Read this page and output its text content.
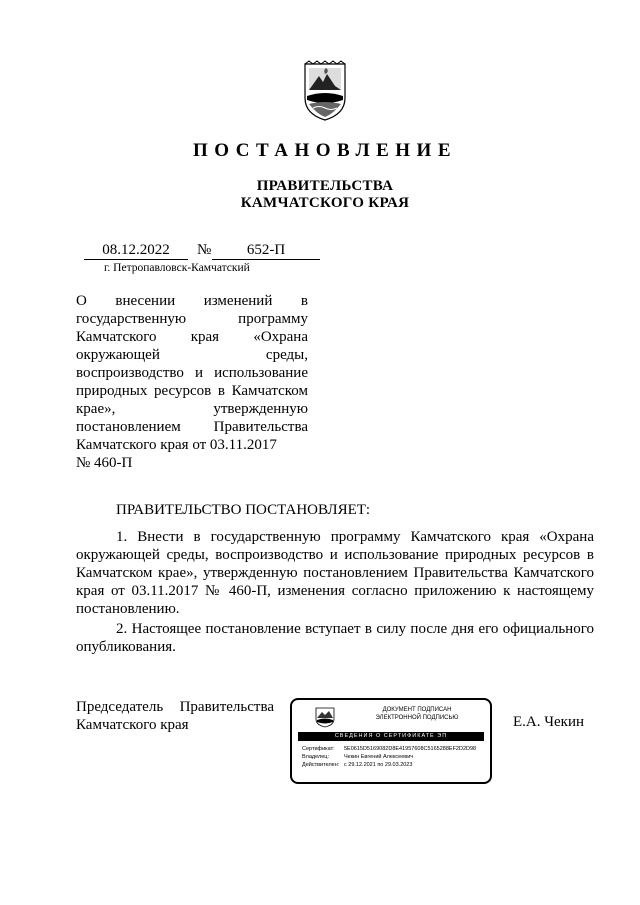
ПОСТАНОВЛЕНИЕ
ПРАВИТЕЛЬСТВА
КАМЧАТСКОГО КРАЯ
08.12.2022	№	652-П
г. Петропавловск-Камчатский
О внесении изменений в
государственную программу
Камчатского края «Охрана
окружающей среды,
воспроизводство и использование
природных ресурсов в Камчатском
крае», утвержденную
постановлением Правительства
Камчатского края от 03.11.2017
№ 460-П
ПРАВИТЕЛЬСТВО ПОСТАНОВЛЯЕТ:
1. Внести в государственную программу Камчатского края «Охрана окружающей среды, воспроизводство и использование природных ресурсов в Камчатском крае», утвержденную постановлением Правительства Камчатского края от 03.11.2017 № 460-П, изменения согласно приложению к настоящему постановлению.
2. Настоящее постановление вступает в силу после дня его официального опубликования.
Председатель Правительства
Камчатского края
ДОКУМЕНТ ПОДПИСАН
ЭЛЕКТРОННОЙ ПОДПИСЬЮ
СВЕДЕНИЯ О СЕРТИФИКАТЕ ЭП
Сертификат: 5E0615D5169082D8E41957608C5165288EF2D2D98
Владелец:	Чекин Евгений Алексеевич
Действителен: с 29.12.2021 по 29.03.2023
Е.А. Чекин
